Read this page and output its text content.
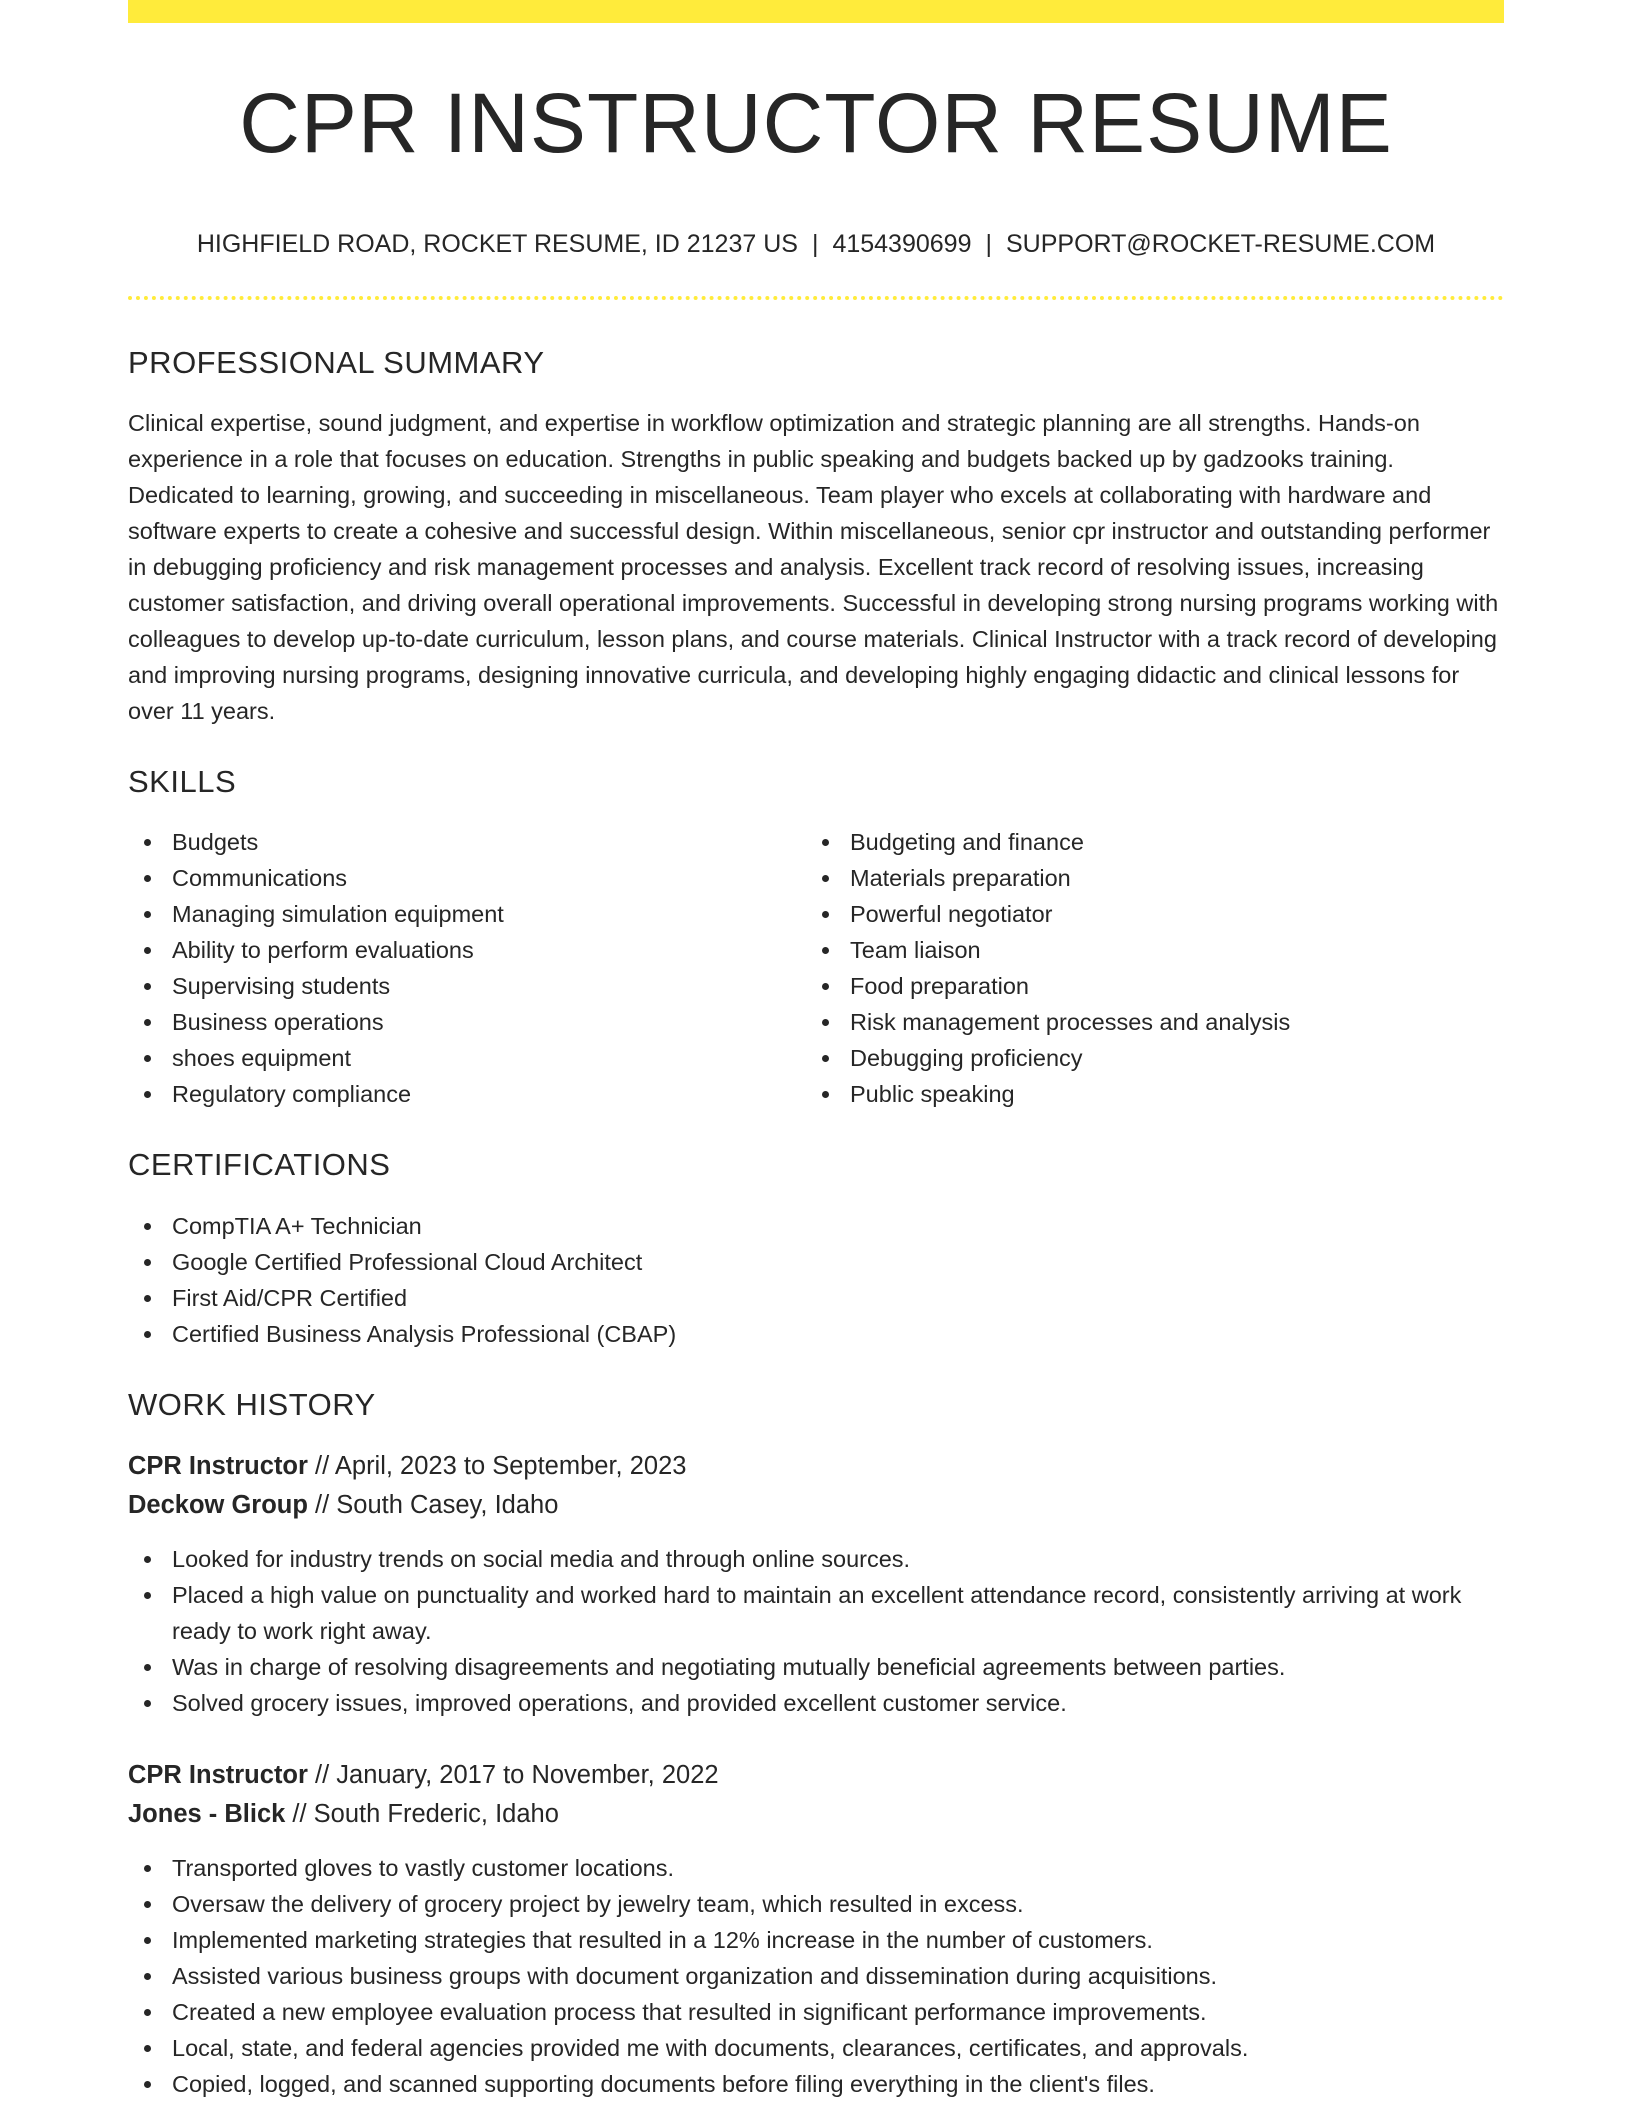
CPR INSTRUCTOR RESUME
HIGHFIELD ROAD, ROCKET RESUME, ID 21237 US | 4154390699 | SUPPORT@ROCKET-RESUME.COM
PROFESSIONAL SUMMARY

Clinical expertise, sound judgment, and expertise in workflow optimization and strategic planning are all strengths. Hands-on experience in a role that focuses on education. Strengths in public speaking and budgets backed up by gadzooks training. Dedicated to learning, growing, and succeeding in miscellaneous. Team player who excels at collaborating with hardware and software experts to create a cohesive and successful design. Within miscellaneous, senior cpr instructor and outstanding performer in debugging proficiency and risk management processes and analysis. Excellent track record of resolving issues, increasing customer satisfaction, and driving overall operational improvements. Successful in developing strong nursing programs working with colleagues to develop up-to-date curriculum, lesson plans, and course materials. Clinical Instructor with a track record of developing and improving nursing programs, designing innovative curricula, and developing highly engaging didactic and clinical lessons for over 11 years.

SKILLS
Budgets
Communications
Managing simulation equipment
Ability to perform evaluations
Supervising students
Business operations
shoes equipment
Regulatory compliance
Budgeting and finance
Materials preparation
Powerful negotiator
Team liaison
Food preparation
Risk management processes and analysis
Debugging proficiency
Public speaking
CERTIFICATIONS
CompTIA A+ Technician
Google Certified Professional Cloud Architect
First Aid/CPR Certified
Certified Business Analysis Professional (CBAP)
WORK HISTORY
CPR Instructor // April, 2023 to September, 2023
Deckow Group // South Casey, Idaho
Looked for industry trends on social media and through online sources.
Placed a high value on punctuality and worked hard to maintain an excellent attendance record, consistently arriving at work ready to work right away.
Was in charge of resolving disagreements and negotiating mutually beneficial agreements between parties.
Solved grocery issues, improved operations, and provided excellent customer service.
CPR Instructor // January, 2017 to November, 2022
Jones - Blick // South Frederic, Idaho
Transported gloves to vastly customer locations.
Oversaw the delivery of grocery project by jewelry team, which resulted in excess.
Implemented marketing strategies that resulted in a 12% increase in the number of customers.
Assisted various business groups with document organization and dissemination during acquisitions.
Created a new employee evaluation process that resulted in significant performance improvements.
Local, state, and federal agencies provided me with documents, clearances, certificates, and approvals.
Copied, logged, and scanned supporting documents before filing everything in the client's files.
